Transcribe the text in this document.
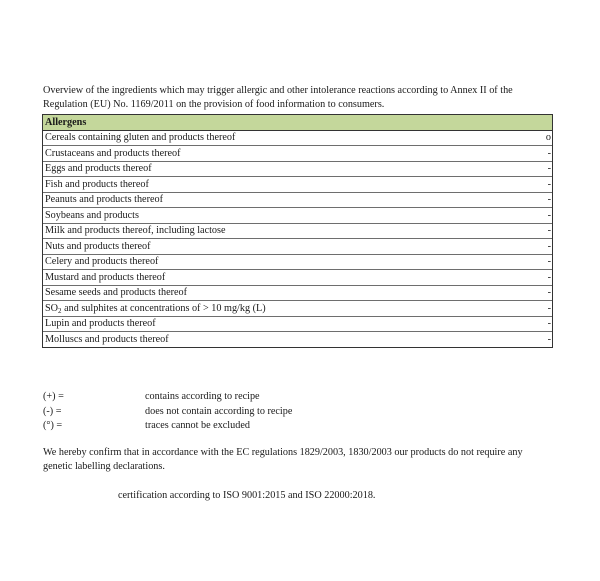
Overview of the ingredients which may trigger allergic and other intolerance reactions according to Annex II of the
Regulation (EU) No. 1169/2011 on the provision of food information to consumers.
Allergens	
Cereals containing gluten and products thereof	o
Crustaceans and products thereof	-
Eggs and products thereof	-
Fish and products thereof	-
Peanuts and products thereof	-
Soybeans and products	-
Milk and products thereof, including lactose	-
Nuts and products thereof	-
Celery and products thereof	-
Mustard and products thereof	-
Sesame seeds and products thereof	-
$SO_2$ and sulphites at concentrations of > 10 mg/kg (L)	-
Lupin and products thereof	-
Molluscs and products thereof	-
(+) =	contains according to recipe
(-) =	does not contain according to recipe
(°) =	traces cannot be excluded
We hereby confirm that in accordance with the EC regulations 1829/2003, 1830/2003 our products do not require any
genetic labelling declarations.
certification according to ISO 9001:2015 and ISO 22000:2018.
